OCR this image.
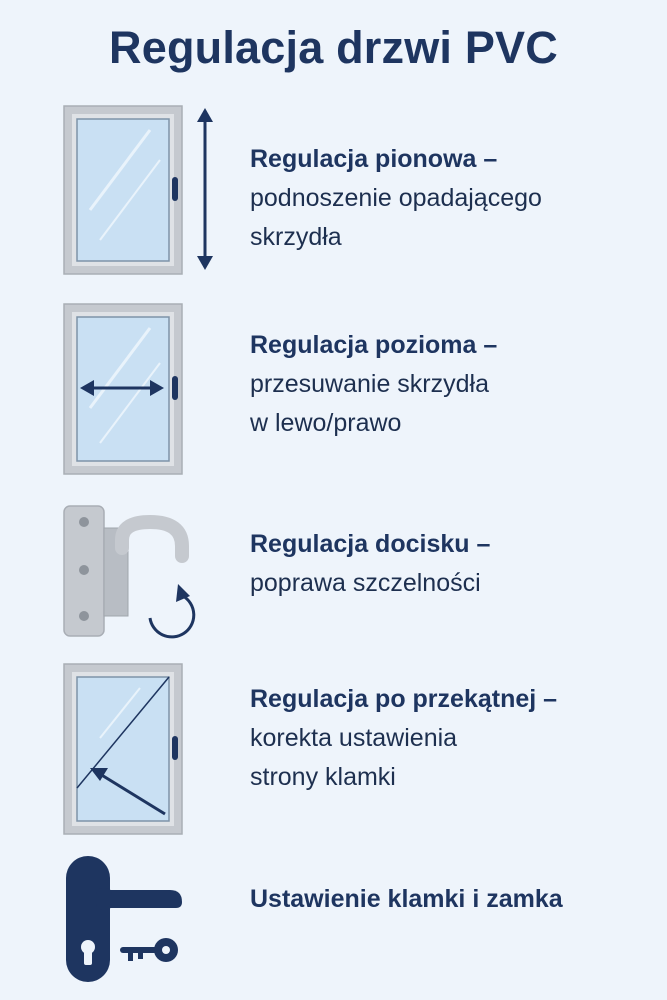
Regulacja drzwi PVC
Regulacja pionowa –
podnoszenie opadającego
skrzydła
Regulacja pozioma –
przesuwanie skrzydła
w lewo/prawo
Regulacja docisku –
poprawa szczelności
Regulacja po przekątnej –
korekta ustawienia
strony klamki
Ustawienie klamki i zamka
